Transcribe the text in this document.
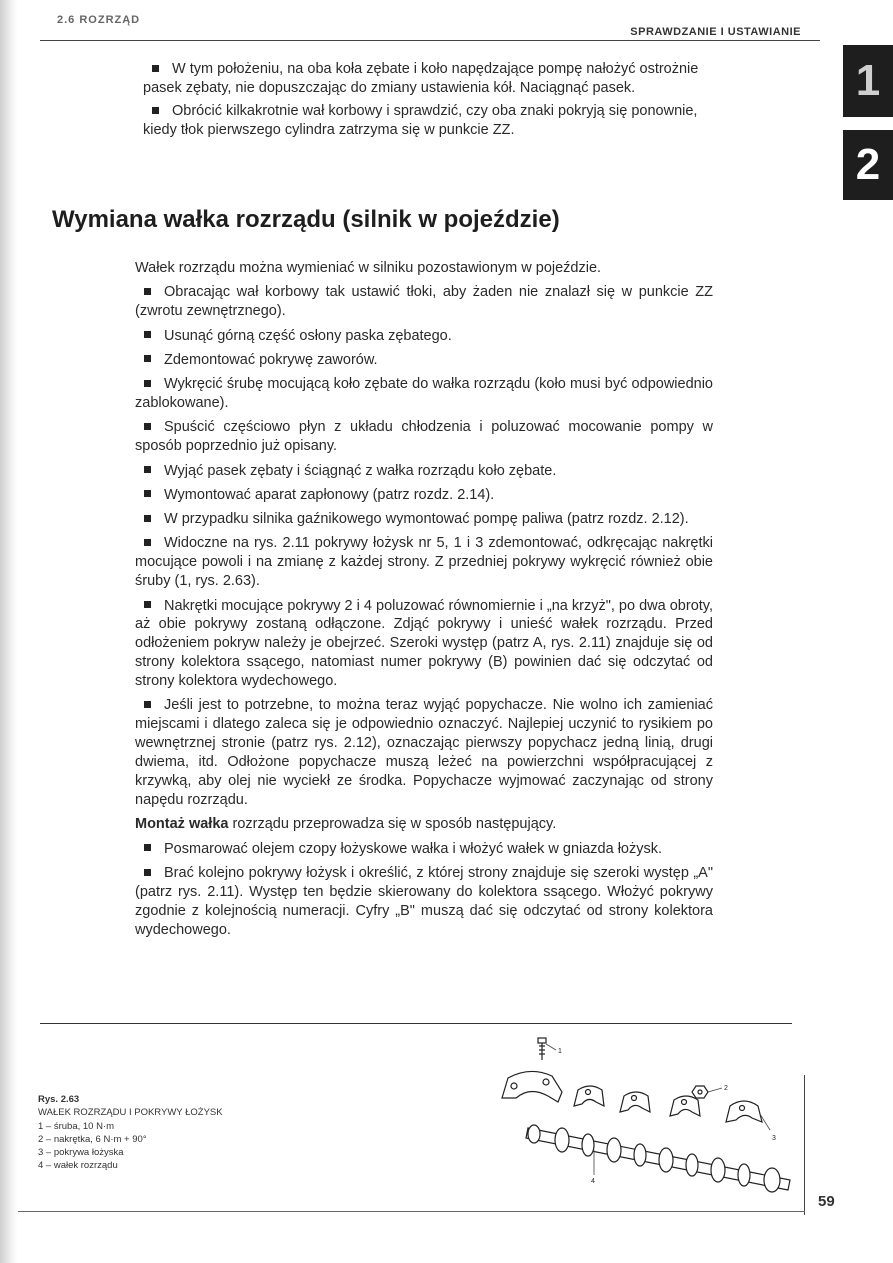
2.6 ROZRZĄD
SPRAWDZANIE I USTAWIANIE
1
2

W tym położeniu, na oba koła zębate i koło napędzające pompę nałożyć ostrożnie pasek zębaty, nie dopuszczając do zmiany ustawienia kół. Naciągnąć pasek.

Obrócić kilkakrotnie wał korbowy i sprawdzić, czy oba znaki pokryją się ponownie, kiedy tłok pierwszego cylindra zatrzyma się w punkcie ZZ.

Wymiana wałka rozrządu (silnik w pojeździe)

Wałek rozrządu można wymieniać w silniku pozostawionym w pojeździe.

Obracając wał korbowy tak ustawić tłoki, aby żaden nie znalazł się w punkcie ZZ (zwrotu zewnętrznego).

Usunąć górną część osłony paska zębatego.

Zdemontować pokrywę zaworów.

Wykręcić śrubę mocującą koło zębate do wałka rozrządu (koło musi być odpowiednio zablokowane).

Spuścić częściowo płyn z układu chłodzenia i poluzować mocowanie pompy w sposób poprzednio już opisany.

Wyjąć pasek zębaty i ściągnąć z wałka rozrządu koło zębate.

Wymontować aparat zapłonowy (patrz rozdz. 2.14).

W przypadku silnika gaźnikowego wymontować pompę paliwa (patrz rozdz. 2.12).

Widoczne na rys. 2.11 pokrywy łożysk nr 5, 1 i 3 zdemontować, odkręcając nakrętki mocujące powoli i na zmianę z każdej strony. Z przedniej pokrywy wykręcić również obie śruby (1, rys. 2.63).

Nakrętki mocujące pokrywy 2 i 4 poluzować równomiernie i „na krzyż", po dwa obroty, aż obie pokrywy zostaną odłączone. Zdjąć pokrywy i unieść wałek rozrządu. Przed odłożeniem pokryw należy je obejrzeć. Szeroki występ (patrz A, rys. 2.11) znajduje się od strony kolektora ssącego, natomiast numer pokrywy (B) powinien dać się odczytać od strony kolektora wydechowego.

Jeśli jest to potrzebne, to można teraz wyjąć popychacze. Nie wolno ich zamieniać miejscami i dlatego zaleca się je odpowiednio oznaczyć. Najlepiej uczynić to rysikiem po wewnętrznej stronie (patrz rys. 2.12), oznaczając pierwszy popychacz jedną linią, drugi dwiema, itd. Odłożone popychacze muszą leżeć na powierzchni współpracującej z krzywką, aby olej nie wyciekł ze środka. Popychacze wyjmować zaczynając od strony napędu rozrządu.

Montaż wałka rozrządu przeprowadza się w sposób następujący.

Posmarować olejem czopy łożyskowe wałka i włożyć wałek w gniazda łożysk.

Brać kolejno pokrywy łożysk i określić, z której strony znajduje się szeroki występ „A" (patrz rys. 2.11). Występ ten będzie skierowany do kolektora ssącego. Włożyć pokrywy zgodnie z kolejnością numeracji. Cyfry „B" muszą dać się odczytać od strony kolektora wydechowego.

Rys. 2.63
WAŁEK ROZRZĄDU I POKRYWY ŁOŻYSK
1 – śruba, 10 N·m
2 – nakrętka, 6 N·m + 90°
3 – pokrywa łożyska
4 – wałek rozrządu
1
2
3
4
59
